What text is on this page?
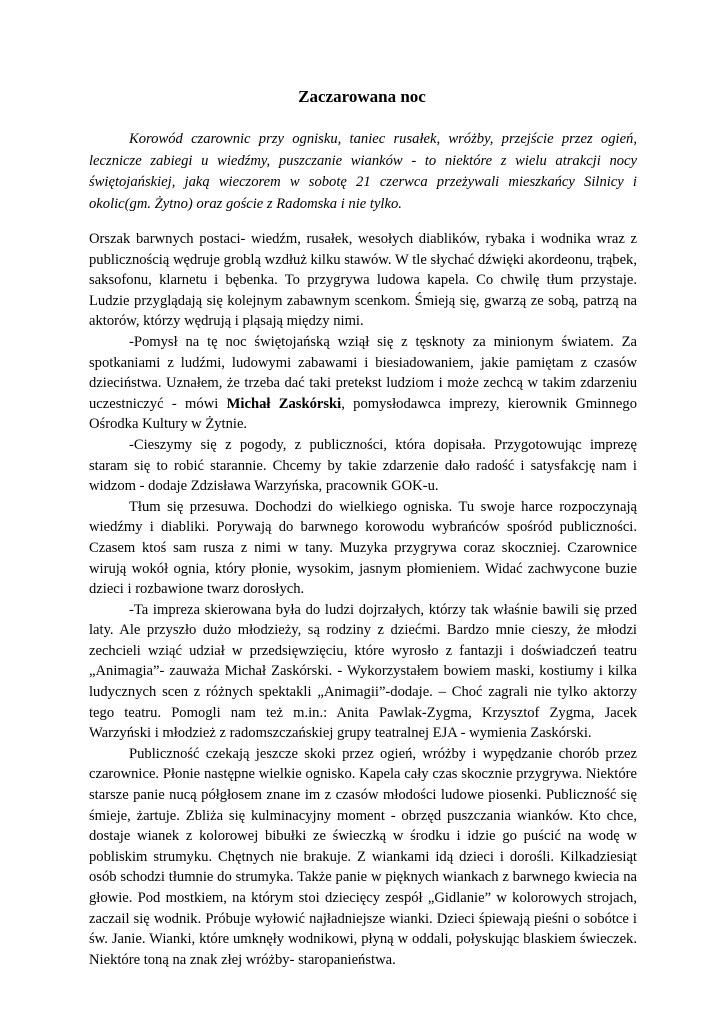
Zaczarowana noc

Korowód czarownic przy ognisku, taniec rusałek, wróżby, przejście przez ogień, lecznicze zabiegi u wiedźmy, puszczanie wianków - to niektóre z wielu atrakcji nocy świętojańskiej, jaką wieczorem w sobotę 21 czerwca przeżywali mieszkańcy Silnicy i okolic(gm. Żytno) oraz goście z Radomska i nie tylko.

Orszak barwnych postaci- wiedźm, rusałek, wesołych diablików, rybaka i wodnika wraz z publicznością wędruje groblą wzdłuż kilku stawów. W tle słychać dźwięki akordeonu, trąbek, saksofonu, klarnetu i bębenka. To przygrywa ludowa kapela. Co chwilę tłum przystaje. Ludzie przyglądają się kolejnym zabawnym scenkom. Śmieją się, gwarzą ze sobą, patrzą na aktorów, którzy wędrują i pląsają między nimi.

-Pomysł na tę noc świętojańską wziął się z tęsknoty za minionym światem. Za spotkaniami z ludźmi, ludowymi zabawami i biesiadowaniem, jakie pamiętam z czasów dzieciństwa. Uznałem, że trzeba dać taki pretekst ludziom i może zechcą w takim zdarzeniu uczestniczyć - mówi Michał Zaskórski, pomysłodawca imprezy, kierownik Gminnego Ośrodka Kultury w Żytnie.

-Cieszymy się z pogody, z publiczności, która dopisała. Przygotowując imprezę staram się to robić starannie. Chcemy by takie zdarzenie dało radość i satysfakcję nam i widzom - dodaje Zdzisława Warzyńska, pracownik GOK-u.

Tłum się przesuwa. Dochodzi do wielkiego ogniska. Tu swoje harce rozpoczynają wiedźmy i diabliki. Porywają do barwnego korowodu wybrańców spośród publiczności. Czasem ktoś sam rusza z nimi w tany. Muzyka przygrywa coraz skoczniej. Czarownice wirują wokół ognia, który płonie, wysokim, jasnym płomieniem. Widać zachwycone buzie dzieci i rozbawione twarz dorosłych.

-Ta impreza skierowana była do ludzi dojrzałych, którzy tak właśnie bawili się przed laty. Ale przyszło dużo młodzieży, są rodziny z dziećmi. Bardzo mnie cieszy, że młodzi zechcieli wziąć udział w przedsięwzięciu, które wyrosło z fantazji i doświadczeń teatru „Animagia”- zauważa Michał Zaskórski. - Wykorzystałem bowiem maski, kostiumy i kilka ludycznych scen z różnych spektakli „Animagii”-dodaje. – Choć zagrali nie tylko aktorzy tego teatru. Pomogli nam też m.in.: Anita Pawlak-Zygma, Krzysztof Zygma, Jacek Warzyński i młodzież z radomszczańskiej grupy teatralnej EJA - wymienia Zaskórski.

Publiczność czekają jeszcze skoki przez ogień, wróżby i wypędzanie chorób przez czarownice. Płonie następne wielkie ognisko. Kapela cały czas skocznie przygrywa. Niektóre starsze panie nucą półgłosem znane im z czasów młodości ludowe piosenki. Publiczność się śmieje, żartuje. Zbliża się kulminacyjny moment - obrzęd puszczania wianków. Kto chce, dostaje wianek z kolorowej bibułki ze świeczką w środku i idzie go puścić na wodę w pobliskim strumyku. Chętnych nie brakuje. Z wiankami idą dzieci i dorośli. Kilkadziesiąt osób schodzi tłumnie do strumyka. Także panie w pięknych wiankach z barwnego kwiecia na głowie. Pod mostkiem, na którym stoi dziecięcy zespół „Gidlanie” w kolorowych strojach, zaczail się wodnik. Próbuje wyłowić najładniejsze wianki. Dzieci śpiewają pieśni o sobótce i św. Janie. Wianki, które umknęły wodnikowi, płyną w oddali, połyskując blaskiem świeczek. Niektóre toną na znak złej wróżby- staropanieństwa.
